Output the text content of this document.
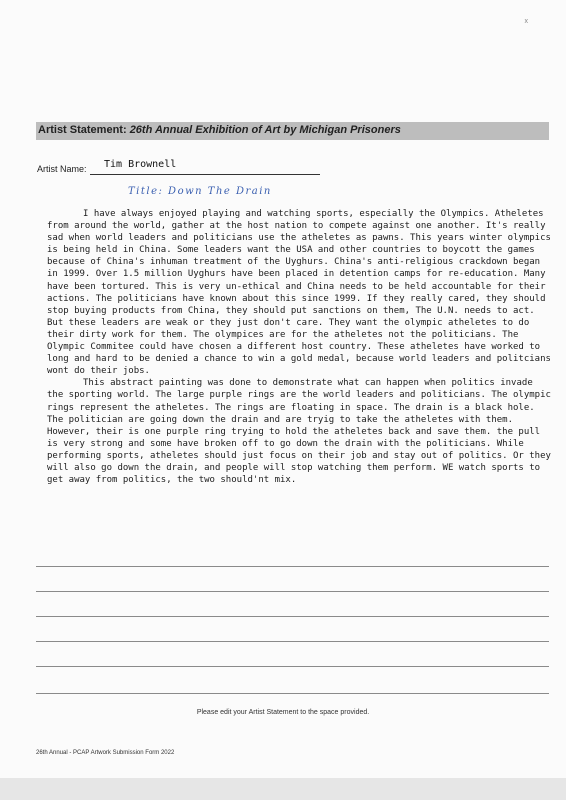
x
Artist Statement: 26th Annual Exhibition of Art by Michigan Prisoners
Artist Name: Tim Brownell
Title: Down The Drain

I have always enjoyed playing and watching sports, especially the Olympics. Atheletes from around the world, gather at the host nation to compete against one another. It's really sad when world leaders and politicians use the atheletes as pawns. This years winter olympics is being held in China. Some leaders want the USA and other countries to boycott the games because of China's inhuman treatment of the Uyghurs. China's anti-religious crackdown began in 1999. Over 1.5 million Uyghurs have been placed in detention camps for re-education. Many have been tortured. This is very un-ethical and China needs to be held accountable for their actions. The politicians have known about this since 1999. If they really cared, they should stop buying products from China, they should put sanctions on them, The U.N. needs to act. But these leaders are weak or they just don't care. They want the olympic atheletes to do their dirty work for them. The olympices are for the atheletes not the politicians. The Olympic Commitee could have chosen a different host country. These atheletes have worked to long and hard to be denied a chance to win a gold medal, because world leaders and politcians wont do their jobs.

This abstract painting was done to demonstrate what can happen when politics invade the sporting world. The large purple rings are the world leaders and politicians. The olympic rings represent the atheletes. The rings are floating in space. The drain is a black hole. The politician are going down the drain and are tryig to take the atheletes with them. However, their is one purple ring trying to hold the atheletes back and save them. the pull is very strong and some have broken off to go down the drain with the politicians. While performing sports, atheletes should just focus on their job and stay out of politics. Or they will also go down the drain, and people will stop watching them perform. WE watch sports to get away from politics, the two should'nt mix.

Please edit your Artist Statement to the space provided.
26th Annual - PCAP Artwork Submission Form 2022
